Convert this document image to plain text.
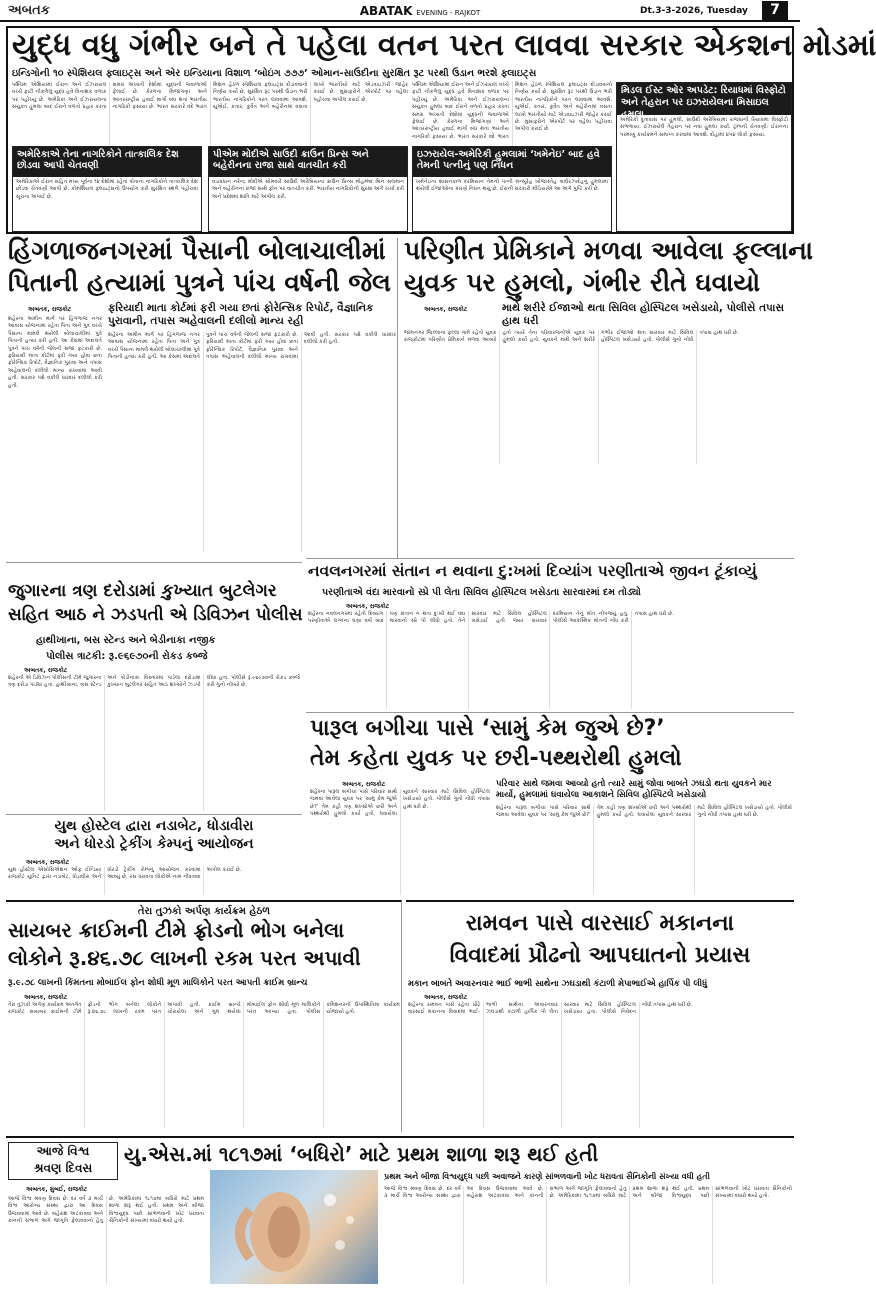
અબતક	ABATAK EVENING - RAJKOT	Dt.3-3-2026, Tuesday	7
યુદ્ધ વધુ ગંભીર બને તે પહેલા વતન પરત લાવવા સરકાર એકશન મોડમાં
ઇન્ડિગોની ૧૦ સ્પેશિયલ ફ્લાઇટ્સ અને એર ઇન્ડિયાના વિશાળ ‘બોઇંગ ૭૭૭’ ઓમાન-સાઉદીના સુરક્ષિત રૂટ પરથી ઉડાન ભરશે ફ્લાઇટ્સ
પશ્ચિમ એશિયામાં ઈરાન અને ઈઝરાયલ વચ્ચે ફાટી નીકળેલું યુદ્ધ હવે વિનાશક વળાંક પર પહોંચ્યું છે. અમેરિકા અને ઈઝરાયલના સંયુક્ત હુમલા બાદ ઈરાને વળતો પ્રહાર કરતા સમગ્ર અખાતી દેશોમાં યુદ્ધની જ્વાળાઓ ફેલાઈ છે. કેરળના મિજાગણાં અને આંતરરાષ્ટ્રીય હવાઈ માર્ગો બંધ થતાં ભારતીય નાગરિકો ફસાયા છે. ભારત સરકારે વંદે ભારત મિશન હેઠળ સ્પેશિયલ ફ્લાઇટ્સ દોડાવવાનો નિર્ણય કર્યો છે. સુરક્ષિત રૂટ પરથી ઉડાન ભરી ભારતીય નાગરિકોને પરત લાવવામાં આવશે. યુએઈ, કતાર, કુવૈત અને બહેરીનમાં વસતા લાખો ભારતીયો માટે એડવાઇઝરી જાહેર કરાઈ છે. મુસાફરોને એરપોર્ટ પર વહેલા પહોંચવા અપીલ કરાઈ છે.
પશ્ચિમ એશિયામાં ઈરાન અને ઈઝરાયલ વચ્ચે ફાટી નીકળેલું યુદ્ધ હવે વિનાશક વળાંક પર પહોંચ્યું છે. અમેરિકા અને ઈઝરાયલના સંયુક્ત હુમલા બાદ ઈરાને વળતો પ્રહાર કરતા સમગ્ર અખાતી દેશોમાં યુદ્ધની જ્વાળાઓ ફેલાઈ છે. કેરળના મિજાગણાં અને આંતરરાષ્ટ્રીય હવાઈ માર્ગો બંધ થતાં ભારતીય નાગરિકો ફસાયા છે. ભારત સરકારે વંદે ભારત મિશન હેઠળ સ્પેશિયલ ફ્લાઇટ્સ દોડાવવાનો નિર્ણય કર્યો છે. સુરક્ષિત રૂટ પરથી ઉડાન ભરી ભારતીય નાગરિકોને પરત લાવવામાં આવશે. યુએઈ, કતાર, કુવૈત અને બહેરીનમાં વસતા લાખો ભારતીયો માટે એડવાઇઝરી જાહેર કરાઈ છે. મુસાફરોને એરપોર્ટ પર વહેલા પહોંચવા અપીલ કરાઈ છે.
અમેરિકાએ તેના નાગરિકોને તાત્કાલિક દેશ છોડવા આપી ચેતવણી
અમેરિકાએ ઈરાન સહિત મધ્ય પૂર્વના ૧૪ દેશોમાં રહેતા પોતાના નાગરિકોને તાત્કાલિક દેશ છોડવા ચેતવણી આપી છે. કોમર્શિયલ ફ્લાઇટ્સનો ઉપયોગ કરી સુરક્ષિત સ્થળે પહોંચવા સૂચના અપાઈ છે.
પીએમ મોદીએ સાઉદી ક્રાઉન પ્રિન્સ અને બહેરીનના રાજા સાથે વાતચીત કરી
વડાપ્રધાન નરેન્દ્ર મોદીએ સોમવારે સાઉદી અરેબિયાના ક્રાઉન પ્રિન્સ મોહમ્મદ બિન સલમાન અને બહેરીનના રાજા સાથે ફોન પર વાતચીત કરી. ભારતીય નાગરિકોની સુરક્ષા અંગે ચર્ચા કરી અને પ્રદેશમાં શાંતિ માટે અપીલ કરી.
ઇઝરાયેલ-અમેરિકી હુમલામાં ‘ખમેનેઇ’ બાદ હવે તેમની પત્નીનું પણ નિધન
ખમેનેઇના શાસનકાળ દરમિયાન તેમની પત્ની મન્સૂરેહ ખોજાસ્તેહ બાઘેરઝાદેહનું હુમલામાં થયેલી ઈજાઓના કારણે નિધન થયું છે. ઈરાની સરકારી મીડિયાએ આ અંગે પુષ્ટિ કરી છે.
મિડલ ઈસ્ટ ઓર અપડેટ: રિયાધમાં વિસ્ફોટો અને તેહરાન પર ઇઝરાયેલના મિસાઇલ હુમલા
અમેરિકી દૂતાવાસ પર હુમલો, સાઉદી અરેબિયામાં રાજધાની રિયાધમાં વિસ્ફોટો સંભળાયા. ઈઝરાયેલે તેહરાન પર નવા હુમલા કર્યા. ટ્રમ્પની ચેતવણી: ઈરાનના પરમાણુ કાર્યક્રમને સમાપ્ત કરવામાં આવશે. દોહામાં ૪૫૪ લોકો ફસાયા.
હિંગળાજનગરમાં પૈસાની બોલાચાલીમાં
પિતાની હત્યામાં પુત્રને પાંચ વર્ષની જેલ
ફરિયાદી માતા કોર્ટમાં ફરી ગયા છતાં ફોરેન્સિક રિપોર્ટ, વૈજ્ઞાનિક પુરાવાની, તપાસ અહેવાલની દલીલો માન્ય રહી
અબતક, રાજકોટ
શહેરના અમીન માર્ગ પર હિંગળાજ નગર આવાસ યોજનામાં રહેતા પિતા અને પુત્ર વચ્ચે પૈસાના મામલે થયેલી બોલાચાલીમાં પુત્રે પિતાની હત્યા કરી હતી. આ કેસમાં અદાલતે પુત્રને પાંચ વર્ષની જેલની સજા ફટકારી છે. ફરિયાદી માતા કોર્ટમાં ફરી ગયા હોવા છતાં ફોરેન્સિક રિપોર્ટ, વૈજ્ઞાનિક પુરાવા અને તપાસ અહેવાલની દલીલો માન્ય રાખવામાં આવી હતી. સરકાર પક્ષે વકીલે ધારદાર દલીલો કરી હતી.
શહેરના અમીન માર્ગ પર હિંગળાજ નગર આવાસ યોજનામાં રહેતા પિતા અને પુત્ર વચ્ચે પૈસાના મામલે થયેલી બોલાચાલીમાં પુત્રે પિતાની હત્યા કરી હતી. આ કેસમાં અદાલતે પુત્રને પાંચ વર્ષની જેલની સજા ફટકારી છે. ફરિયાદી માતા કોર્ટમાં ફરી ગયા હોવા છતાં ફોરેન્સિક રિપોર્ટ, વૈજ્ઞાનિક પુરાવા અને તપાસ અહેવાલની દલીલો માન્ય રાખવામાં આવી હતી. સરકાર પક્ષે વકીલે ધારદાર દલીલો કરી હતી.
પરિણીત પ્રેમિકાને મળવા આવેલા ફલ્લાના
યુવક પર હુમલો, ગંભીર રીતે ઘવાયો
માથે શરીરે ઈજાઓ થતા સિવિલ હોસ્પિટલ ખસેડાયો, પોલીસે તપાસ હાથ ધરી
અબતક, રાજકોટ
જામનગર જિલ્લાના ફલ્લા ગામે રહેતો યુવક રાજકોટમાં પરિણીત પ્રેમિકાને મળવા આવ્યો હતો ત્યારે તેના પરિવારજનોએ યુવક પર હુમલો કર્યો હતો. યુવકને માથે અને શરીરે ગંભીર ઈજાઓ થતા સારવાર માટે સિવિલ હોસ્પિટલ ખસેડાયો હતો. પોલીસે ગુનો નોંધી તપાસ હાથ ધરી છે.
નવલનગરમાં સંતાન ન થવાના દુ:ખમાં દિવ્યાંગ પરણીતાએ જીવન ટૂંકાવ્યું
પરણીતાએ વંદા મારવાનો સ્પ્રે પી લેતા સિવિલ હોસ્પિટલ ખસેડતા સારવારમાં દમ તોડ્યો
અબતક, રાજકોટ
શહેરના નવલનગરમાં રહેતી દિવ્યાંગ પરણીતાએ લગ્નના ઘણા વર્ષો બાદ પણ સંતાન ન થતા દુ:ખી થઈ વંદા મારવાનો સ્પ્રે પી લીધો હતો. તેને સારવાર માટે સિવિલ હોસ્પિટલ ખસેડાઈ હતી જ્યાં સારવાર દરમિયાન તેનું મોત નીપજ્યું હતું. પોલીસે આકસ્મિક મોતની નોંધ કરી તપાસ હાથ ધરી છે.
જુગારના ત્રણ દરોડામાં કુખ્યાત બુટલેગર
સહિત આઠ ને ઝડપતી એ ડિવિઝન પોલીસ
હાથીખાના, બસ સ્ટેન્ડ અને બેડીનાકા નજીક
પોલીસ ત્રાટકી: રૂ.૯૬૯૭૦ની રોકડ કબ્જે
અબતક, રાજકોટ
શહેરની એ ડિવિઝન પોલીસની ટીમે જુગારના ત્રણ દરોડા પાડ્યા હતા. હાથીખાના, બસ સ્ટેન્ડ અને બેડીનાકા વિસ્તારમાં પાડેલા દરોડામાં કુખ્યાત બુટલેગર સહિત આઠ શખ્સોને ઝડપી લીધા હતા. પોલીસે રૂ.૯૬૯૭૦ની રોકડ કબ્જે કરી ગુનો નોંધ્યો છે.
પારૂલ બગીચા પાસે ‘સામું કેમ જુએ છે?’
તેમ કહેતા યુવક પર છરી-પથ્થરોથી હુમલો
પરિવાર સાથે જમવા આવ્યો હતો ત્યારે સામું જોવા બાબતે ઝઘડો થતા યુવકને માર માર્યો, હુમલામાં ઘવાયેલા આકાશને સિવિલ હોસ્પિટલે ખસેડાયો
અબતક, રાજકોટ
શહેરના પારૂલ બગીચા પાસે પરિવાર સાથે જમવા આવેલા યુવક પર ‘સામું કેમ જુએ છે?’ તેમ કહી ત્રણ શખ્સોએ છરી અને પથ્થરોથી હુમલો કર્યો હતો. ઘવાયેલા યુવકને સારવાર માટે સિવિલ હોસ્પિટલ ખસેડાયો હતો. પોલીસે ગુનો નોંધી તપાસ હાથ ધરી છે.	શહેરના પારૂલ બગીચા પાસે પરિવાર સાથે જમવા આવેલા યુવક પર ‘સામું કેમ જુએ છે?’ તેમ કહી ત્રણ શખ્સોએ છરી અને પથ્થરોથી હુમલો કર્યો હતો. ઘવાયેલા યુવકને સારવાર માટે સિવિલ હોસ્પિટલ ખસેડાયો હતો. પોલીસે ગુનો નોંધી તપાસ હાથ ધરી છે.
યુથ હોસ્ટેલ દ્વારા નડાબેટ, ધોડાવીરા
અને ધોરડો ટ્રેકીંગ કેમ્પનું આયોજન
અબતક, રાજકોટ
યુથ હોસ્ટેલ એસોસિએશન ઓફ ઈન્ડિયા રાજકોટ યુનિટ દ્વારા નડાબેટ, ધોડાવીરા અને ધોરડો ટ્રેકીંગ કેમ્પનું આયોજન કરવામાં આવ્યું છે. રસ ધરાવતા લોકોએ નામ નોંધાવવા અપીલ કરાઈ છે.
તેરા તુઝકો અર્પણ કાર્યક્રમ હેઠળ
સાયબર ક્રાઈમની ટીમે ફ્રોડનો ભોગ બનેલા
લોકોને રૂ.૪૬.૭૮ લાખની રકમ પરત અપાવી
રૂ.૯.૭૮ લાખની કિંમતના મોબાઈલ ફોન શોધી મૂળ માલિકોને પરત આપતી ક્રાઈમ બ્રાન્ચ
અબતક, રાજકોટ
તેરા તુઝકો અર્પણ કાર્યક્રમ અંતર્ગત રાજકોટ સાયબર ક્રાઈમની ટીમે ફ્રોડનો ભોગ બનેલા લોકોને રૂ.૪૬.૭૮ લાખની રકમ પરત અપાવી હતી. ક્રાઈમ બ્રાન્ચે ચોરાયેલા અને ગુમ થયેલા મોબાઈલ ફોન શોધી મૂળ માલિકોને પરત આપ્યા હતા. પોલીસ કમિશનરની ઉપસ્થિતિમાં કાર્યક્રમ યોજાયો હતો.
રામવન પાસે વારસાઈ મકાનના
વિવાદમાં પ્રૌઢનો આપઘાતનો પ્રયાસ
મકાન બાબતે અવારનવાર ભાઈ ભાભી સાથેના ઝઘડાથી કંટાળી મેપાભાઈએ હાર્પિક પી લીધું
અબતક, રાજકોટ
શહેરના રામવન પાસે રહેતા પ્રૌઢે વારસાઈ મકાનના વિવાદમાં ભાઈ-ભાભી સાથેના અવારનવાર ઝઘડાથી કંટાળી હાર્પિક પી લેતા સારવાર માટે સિવિલ હોસ્પિટલ ખસેડાયા હતા. પોલીસે નિવેદન નોંધી તપાસ હાથ ધરી છે.
આજે વિશ્વ
શ્રવણ દિવસ
યુ.એસ.માં ૧૮૧૭માં ‘બધિરો’ માટે પ્રથમ શાળા શરૂ થઈ હતી
અબતક, મુંબઈ, રાજકોટ
આજે વિશ્વ શ્રવણ દિવસ છે. દર વર્ષે ૩ માર્ચે વિશ્વ આરોગ્ય સંસ્થા દ્વારા આ દિવસ ઉજવવામાં આવે છે. બહેરાશ અટકાવવા અને કાનની સંભાળ અંગે જાગૃતિ ફેલાવવાનો હેતુ છે. અમેરિકામાં ૧૮૧૭માં બધિરો માટે પ્રથમ શાળા શરૂ થઈ હતી. પ્રથમ અને બીજા વિશ્વયુદ્ધ પછી સાંભળવાની ખોટ ધરાવતા સૈનિકોની સંખ્યામાં વધારો થયો હતો.
પ્રથમ અને બીજા વિશ્વયુદ્ધ પછી અવાજને કારણે સાંભળવાની ખોટ ધરાવતા સૈનિકોની સંખ્યા વધી હતી
આજે વિશ્વ શ્રવણ દિવસ છે. દર વર્ષે ૩ માર્ચે વિશ્વ આરોગ્ય સંસ્થા દ્વારા આ દિવસ ઉજવવામાં આવે છે. બહેરાશ અટકાવવા અને કાનની સંભાળ અંગે જાગૃતિ ફેલાવવાનો હેતુ છે. અમેરિકામાં ૧૮૧૭માં બધિરો માટે પ્રથમ શાળા શરૂ થઈ હતી. પ્રથમ અને બીજા વિશ્વયુદ્ધ પછી સાંભળવાની ખોટ ધરાવતા સૈનિકોની સંખ્યામાં વધારો થયો હતો.
